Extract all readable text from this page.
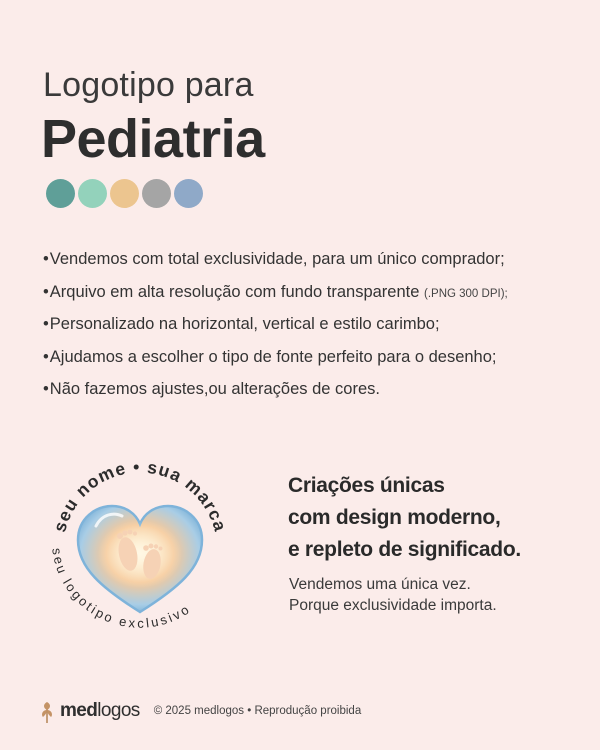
Logotipo para
Pediatria
•Vendemos com total exclusividade, para um único comprador;
•Arquivo em alta resolução com fundo transparente (.PNG 300 DPI);
•Personalizado na horizontal, vertical e estilo carimbo;
•Ajudamos a escolher o tipo de fonte perfeito para o desenho;
•Não fazemos ajustes,ou alterações de cores.
seu nome • sua marca
seu logotipo exclusivo
Criações únicas
com design moderno,
e repleto de significado.
Vendemos uma única vez.
Porque exclusividade importa.
medlogos © 2025 medlogos • Reprodução proibida
